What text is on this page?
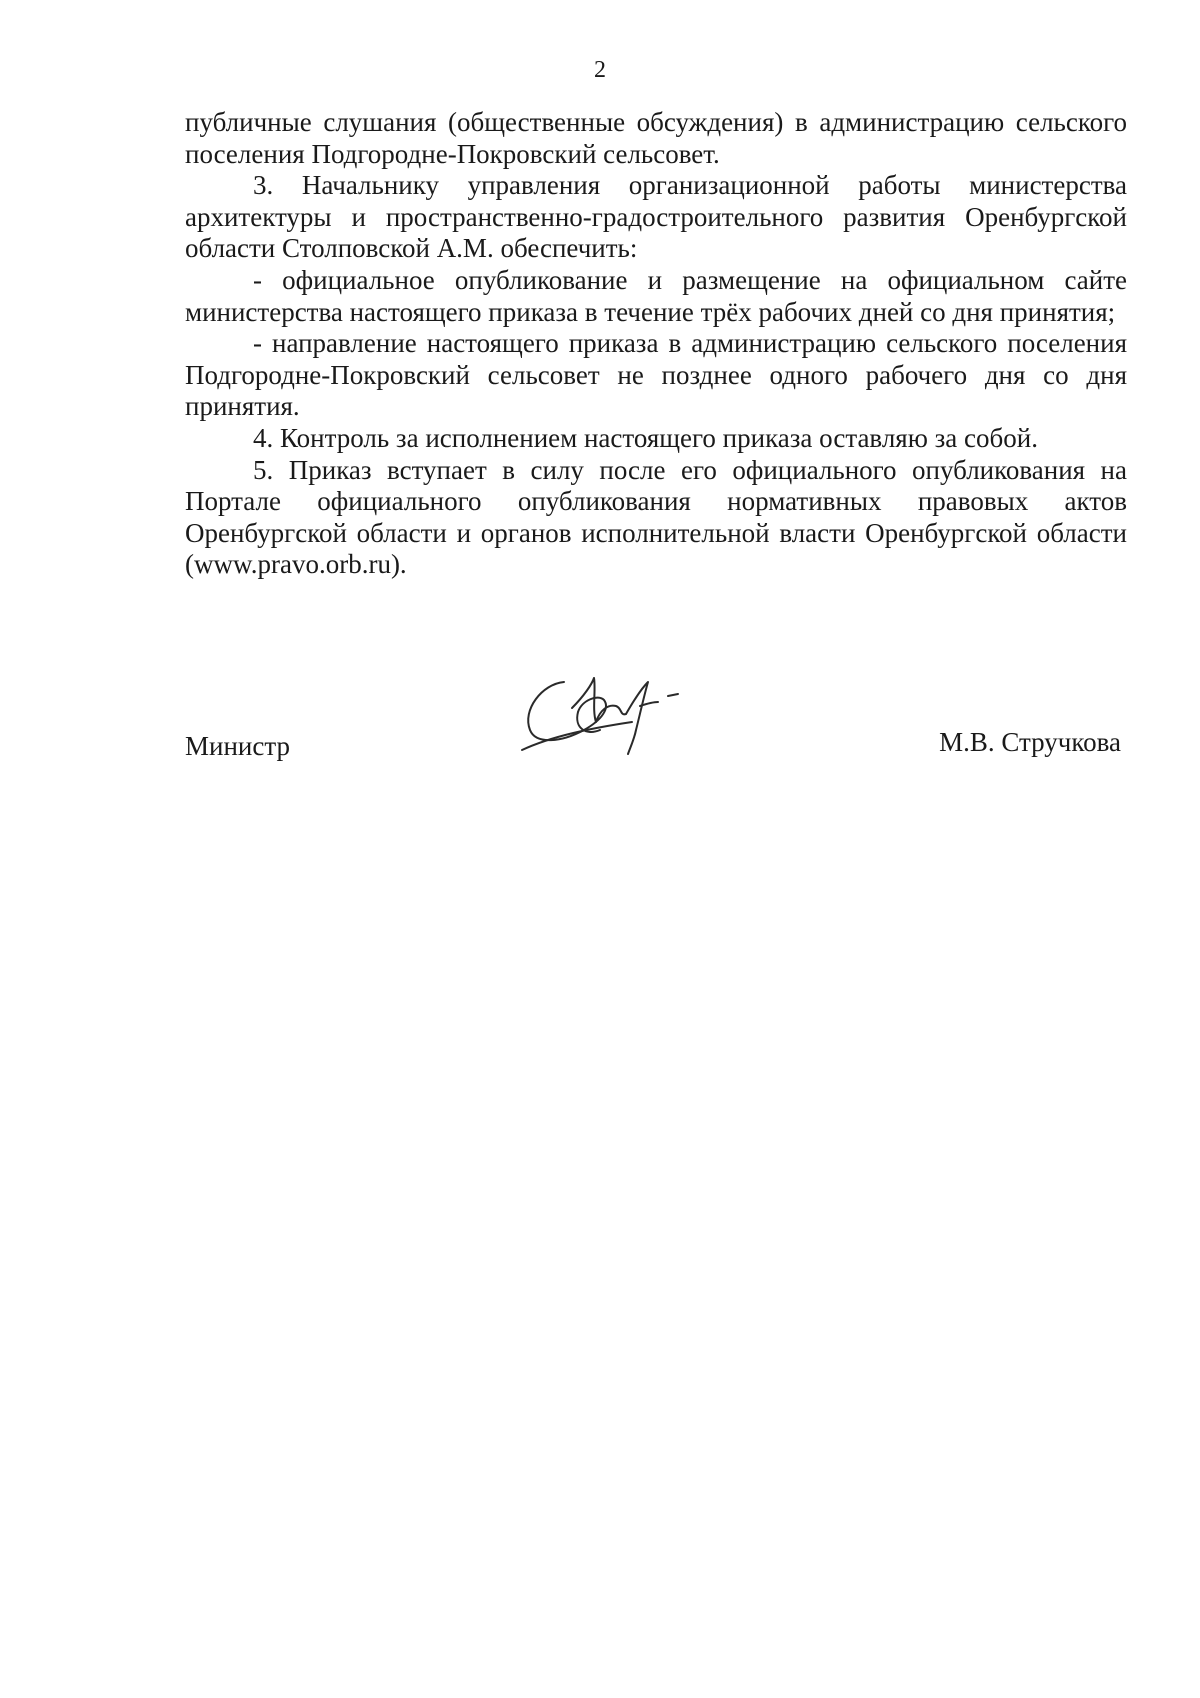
2

публичные слушания (общественные обсуждения) в администрацию сельского поселения Подгородне-Покровский сельсовет.

3. Начальнику управления организационной работы министерства архитектуры и пространственно-градостроительного развития Оренбургской области Столповской А.М. обеспечить:

- официальное опубликование и размещение на официальном сайте министерства настоящего приказа в течение трёх рабочих дней со дня принятия;

- направление настоящего приказа в администрацию сельского поселения Подгородне-Покровский сельсовет не позднее одного рабочего дня со дня принятия.

4. Контроль за исполнением настоящего приказа оставляю за собой.

5. Приказ вступает в силу после его официального опубликования на Портале официального опубликования нормативных правовых актов Оренбургской области и органов исполнительной власти Оренбургской области (www.pravo.orb.ru).

Министр	М.В. Стручкова
